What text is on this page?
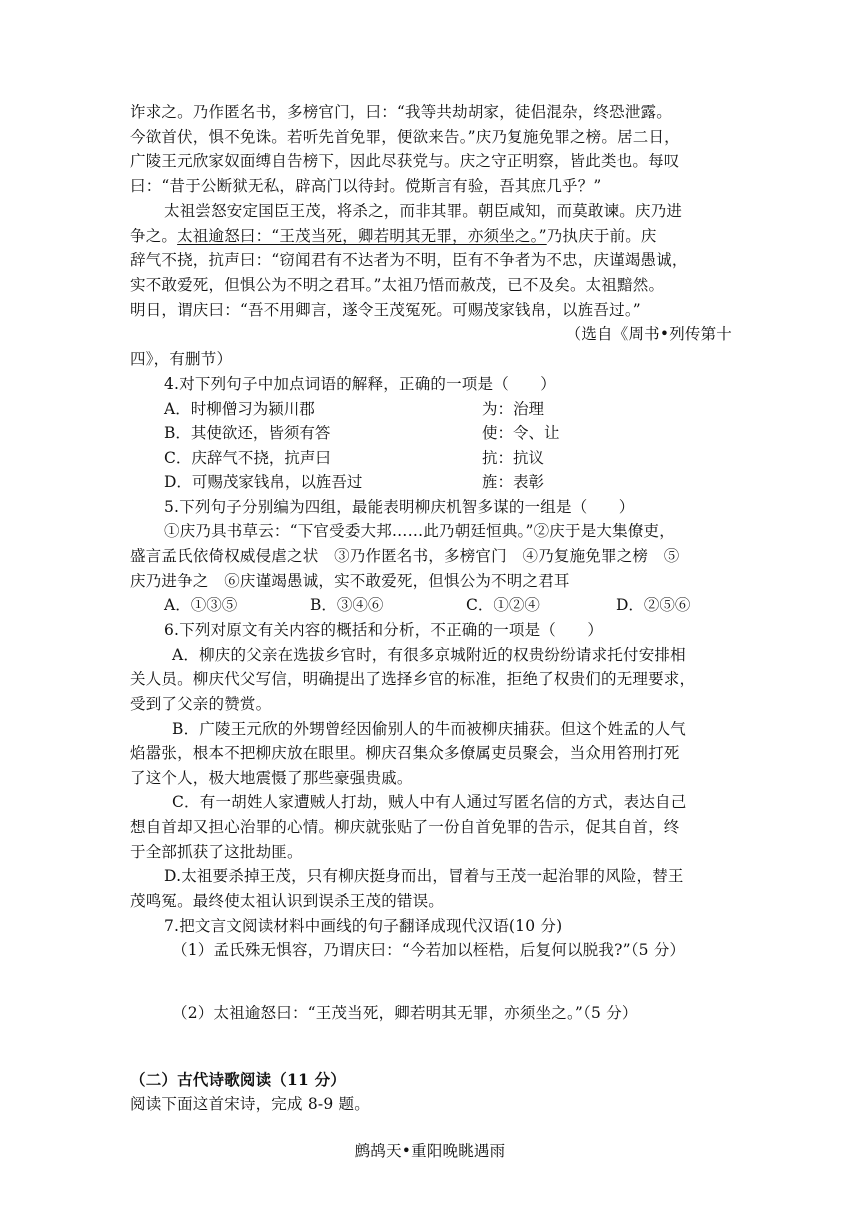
诈求之。乃作匿名书，多榜官门，曰：“我等共劫胡家，徒侣混杂，终恐泄露。
今欲首伏，惧不免诛。若听先首免罪，便欲来告。”庆乃复施免罪之榜。居二日，
广陵王元欣家奴面缚自告榜下，因此尽获党与。庆之守正明察，皆此类也。每叹
曰：“昔于公断狱无私，辟高门以待封。傥斯言有验，吾其庶几乎？”
太祖尝怒安定国臣王茂，将杀之，而非其罪。朝臣咸知，而莫敢谏。庆乃进
争之。太祖逾怒曰：“王茂当死，卿若明其无罪，亦须坐之。”乃执庆于前。庆
辞气不挠，抗声曰：“窃闻君有不达者为不明，臣有不争者为不忠，庆谨竭愚诚，
实不敢爱死，但惧公为不明之君耳。”太祖乃悟而赦茂，已不及矣。太祖黯然。
明日，谓庆曰：“吾不用卿言，遂令王茂冤死。可赐茂家钱帛，以旌吾过。”
（选自《周书•列传第十
四》，有删节）
4.对下列句子中加点词语的解释，正确的一项是（　　）
A．时柳僧习为颍川郡	为：治理
B．其使欲还，皆须有答	使：令、让
C．庆辞气不挠，抗声曰	抗：抗议
D．可赐茂家钱帛，以旌吾过	旌：表彰
5.下列句子分别编为四组，最能表明柳庆机智多谋的一组是（　　）
①庆乃具书草云：“下官受委大邦……此乃朝廷恒典。”②庆于是大集僚吏，
盛言孟氏依倚权威侵虐之状　③乃作匿名书，多榜官门　④乃复施免罪之榜　⑤
庆乃进争之　⑥庆谨竭愚诚，实不敢爱死，但惧公为不明之君耳
A．①③⑤	B．③④⑥	C．①②④	D．②⑤⑥
6.下列对原文有关内容的概括和分析，不正确的一项是（　　）
A．柳庆的父亲在选拔乡官时，有很多京城附近的权贵纷纷请求托付安排相
关人员。柳庆代父写信，明确提出了选择乡官的标准，拒绝了权贵们的无理要求，
受到了父亲的赞赏。
B．广陵王元欣的外甥曾经因偷别人的牛而被柳庆捕获。但这个姓孟的人气
焰嚣张，根本不把柳庆放在眼里。柳庆召集众多僚属吏员聚会，当众用笞刑打死
了这个人，极大地震慑了那些豪强贵戚。
C．有一胡姓人家遭贼人打劫，贼人中有人通过写匿名信的方式，表达自己
想自首却又担心治罪的心情。柳庆就张贴了一份自首免罪的告示，促其自首，终
于全部抓获了这批劫匪。
D.太祖要杀掉王茂，只有柳庆挺身而出，冒着与王茂一起治罪的风险，替王
茂鸣冤。最终使太祖认识到误杀王茂的错误。
7.把文言文阅读材料中画线的句子翻译成现代汉语(10 分)
（1）孟氏殊无惧容，乃谓庆曰：“今若加以桎梏，后复何以脱我?”（5 分）
（2）太祖逾怒曰：“王茂当死，卿若明其无罪，亦须坐之。”（5 分）
（二）古代诗歌阅读（11 分）
阅读下面这首宋诗，完成 8-9 题。
鹧鸪天•重阳晚眺遇雨
